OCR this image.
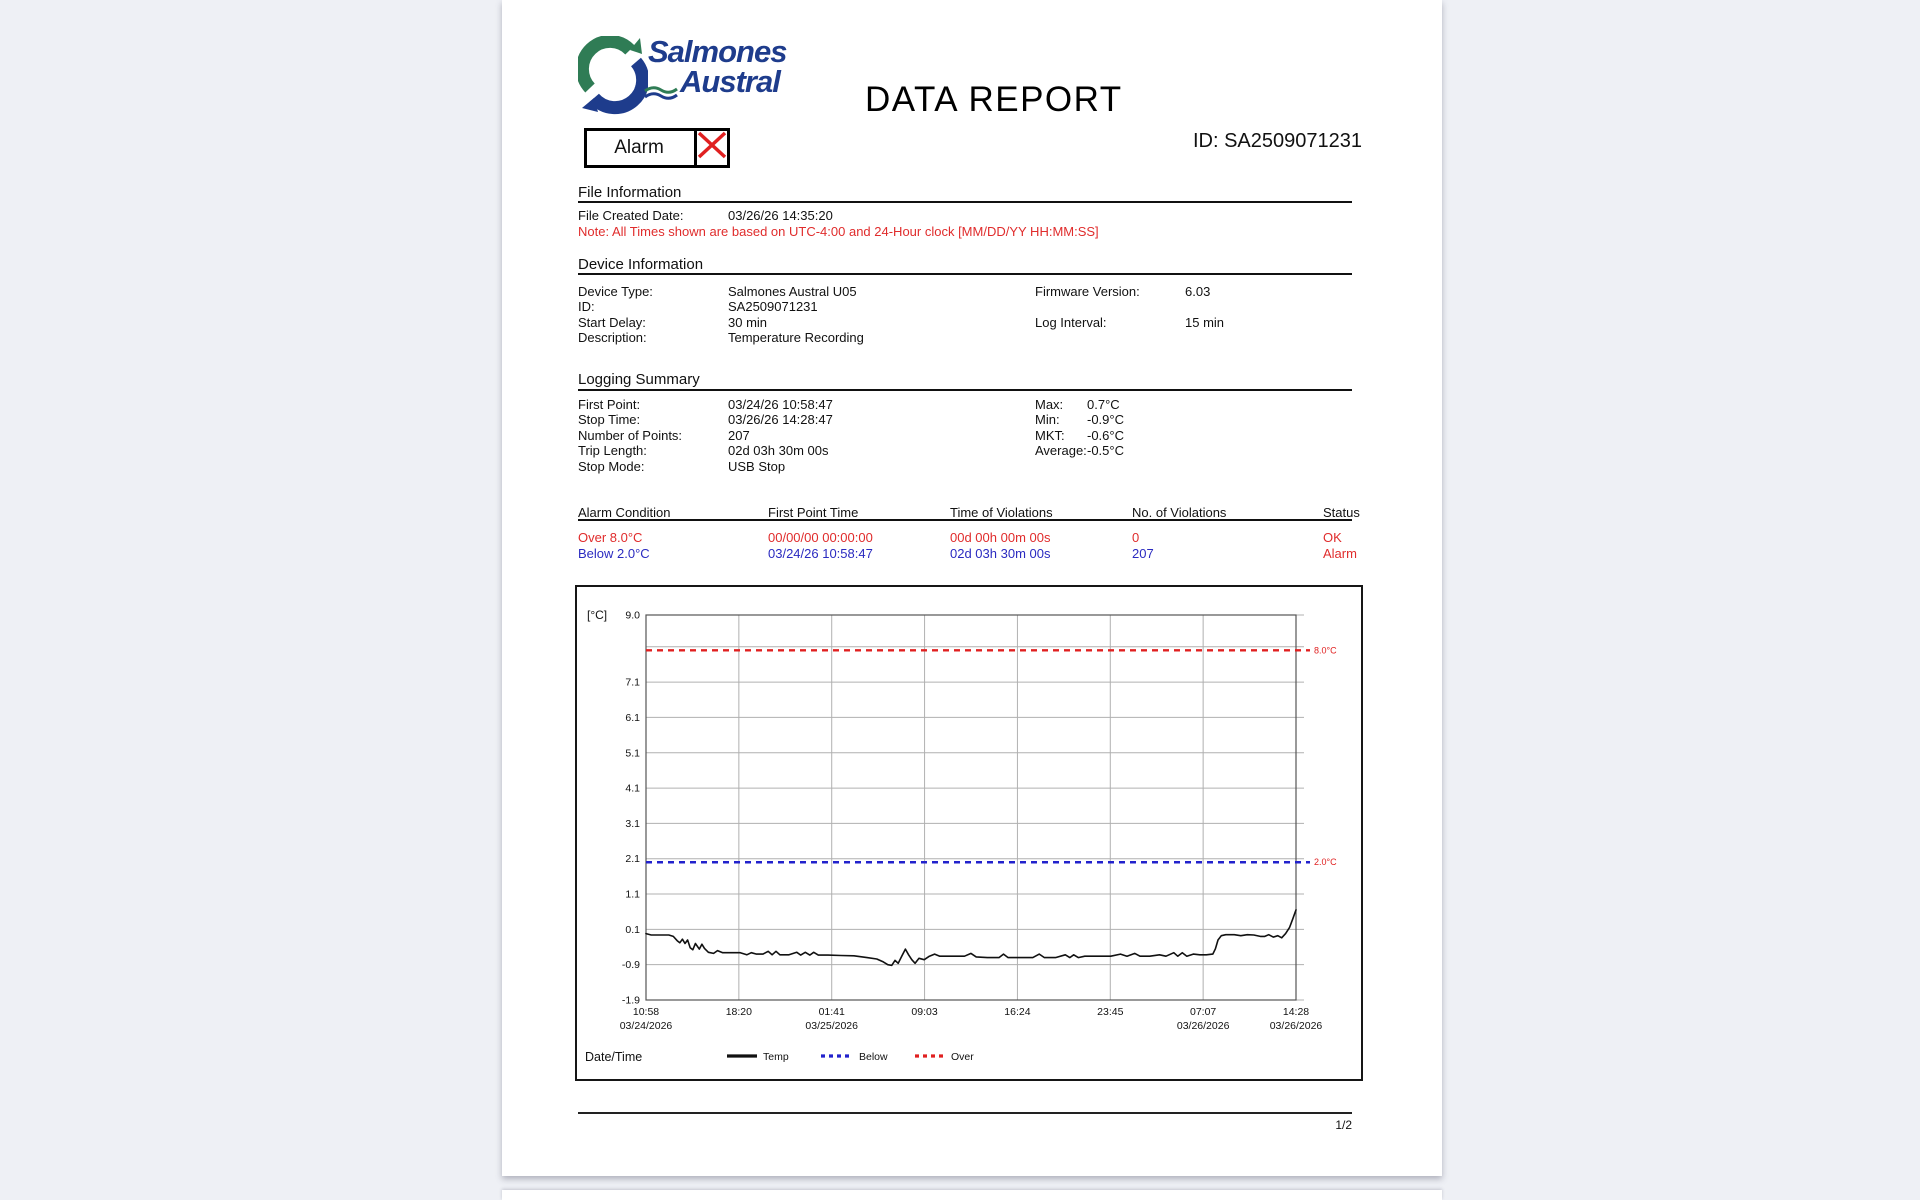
Salmones
Austral DATA REPORT
ID: SA2509071231
Alarm
File Information
File Created Date:	03/26/26 14:35:20
Note: All Times shown are based on UTC-4:00 and 24-Hour clock [MM/DD/YY HH:MM:SS]
Device Information
Logging Summary
9.0
7.1
6.1
5.1
4.1
3.1
2.1
1.1
0.1
-0.9
-1.9
[°C]
8.0°C
2.0°C
10:58
03/24/2026
18:20	01:41
03/25/2026
09:03	16:24	23:45	07:07
03/26/2026
14:28
03/26/2026
Date/Time	Temp	Below	Over
1/2
Device Type:	Salmones Austral U05	Firmware Version:	6.03
ID:	SA2509071231
Start Delay:	30 min	Log Interval:	15 min
Description:	Temperature Recording
First Point:	03/24/26 10:58:47	Max: 0.7°C
Stop Time:	03/26/26 14:28:47	Min: -0.9°C
Number of Points:	207	MKT: -0.6°C
Trip Length:	02d 03h 30m 00s	Average: -0.5°C
Stop Mode:	USB Stop
Alarm Condition	First Point Time	Time of Violations	No. of Violations	Status
Over 8.0°C	00/00/00 00:00:00	00d 00h 00m 00s	0	OK
Below 2.0°C	03/24/26 10:58:47	02d 03h 30m 00s	207	Alarm
